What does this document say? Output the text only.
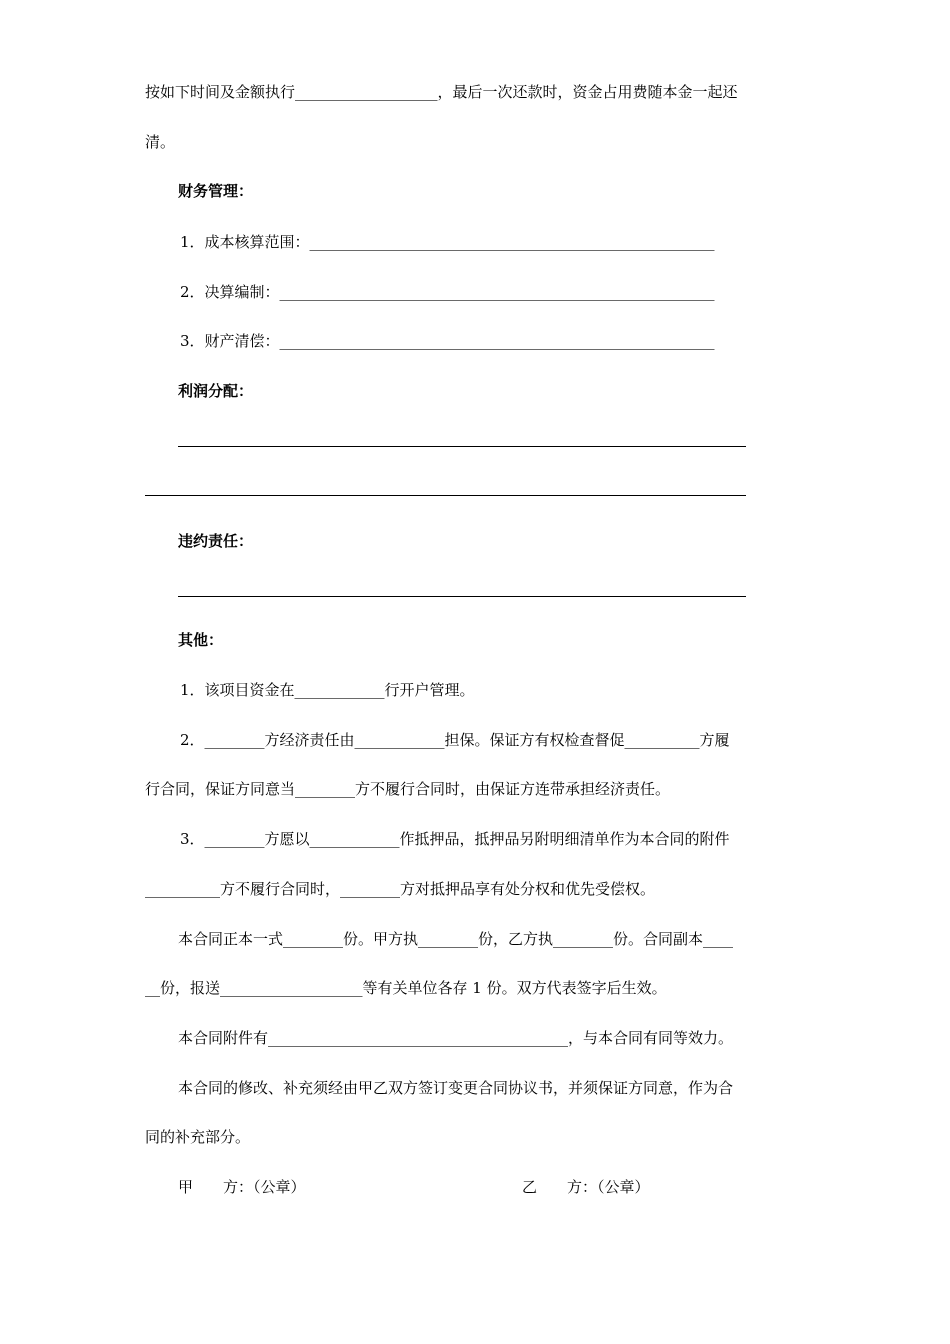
按如下时间及金额执行___________________，最后一次还款时，资金占用费随本金一起还
清。
财务管理：
1．成本核算范围：______________________________________________________
2．决算编制：__________________________________________________________
3．财产清偿：__________________________________________________________
利润分配：
违约责任：
其他：
1．该项目资金在____________行开户管理。
2．________方经济责任由____________担保。保证方有权检查督促__________方履
行合同，保证方同意当________方不履行合同时，由保证方连带承担经济责任。
3．________方愿以____________作抵押品，抵押品另附明细清单作为本合同的附件
__________方不履行合同时，________方对抵押品享有处分权和优先受偿权。
本合同正本一式________份。甲方执________份，乙方执________份。合同副本____
__份，报送___________________等有关单位各存 1 份。双方代表签字后生效。
本合同附件有________________________________________，与本合同有同等效力。
本合同的修改、补充须经由甲乙双方签订变更合同协议书，并须保证方同意，作为合
同的补充部分。
甲　　方：（公章）	乙　　方：（公章）
